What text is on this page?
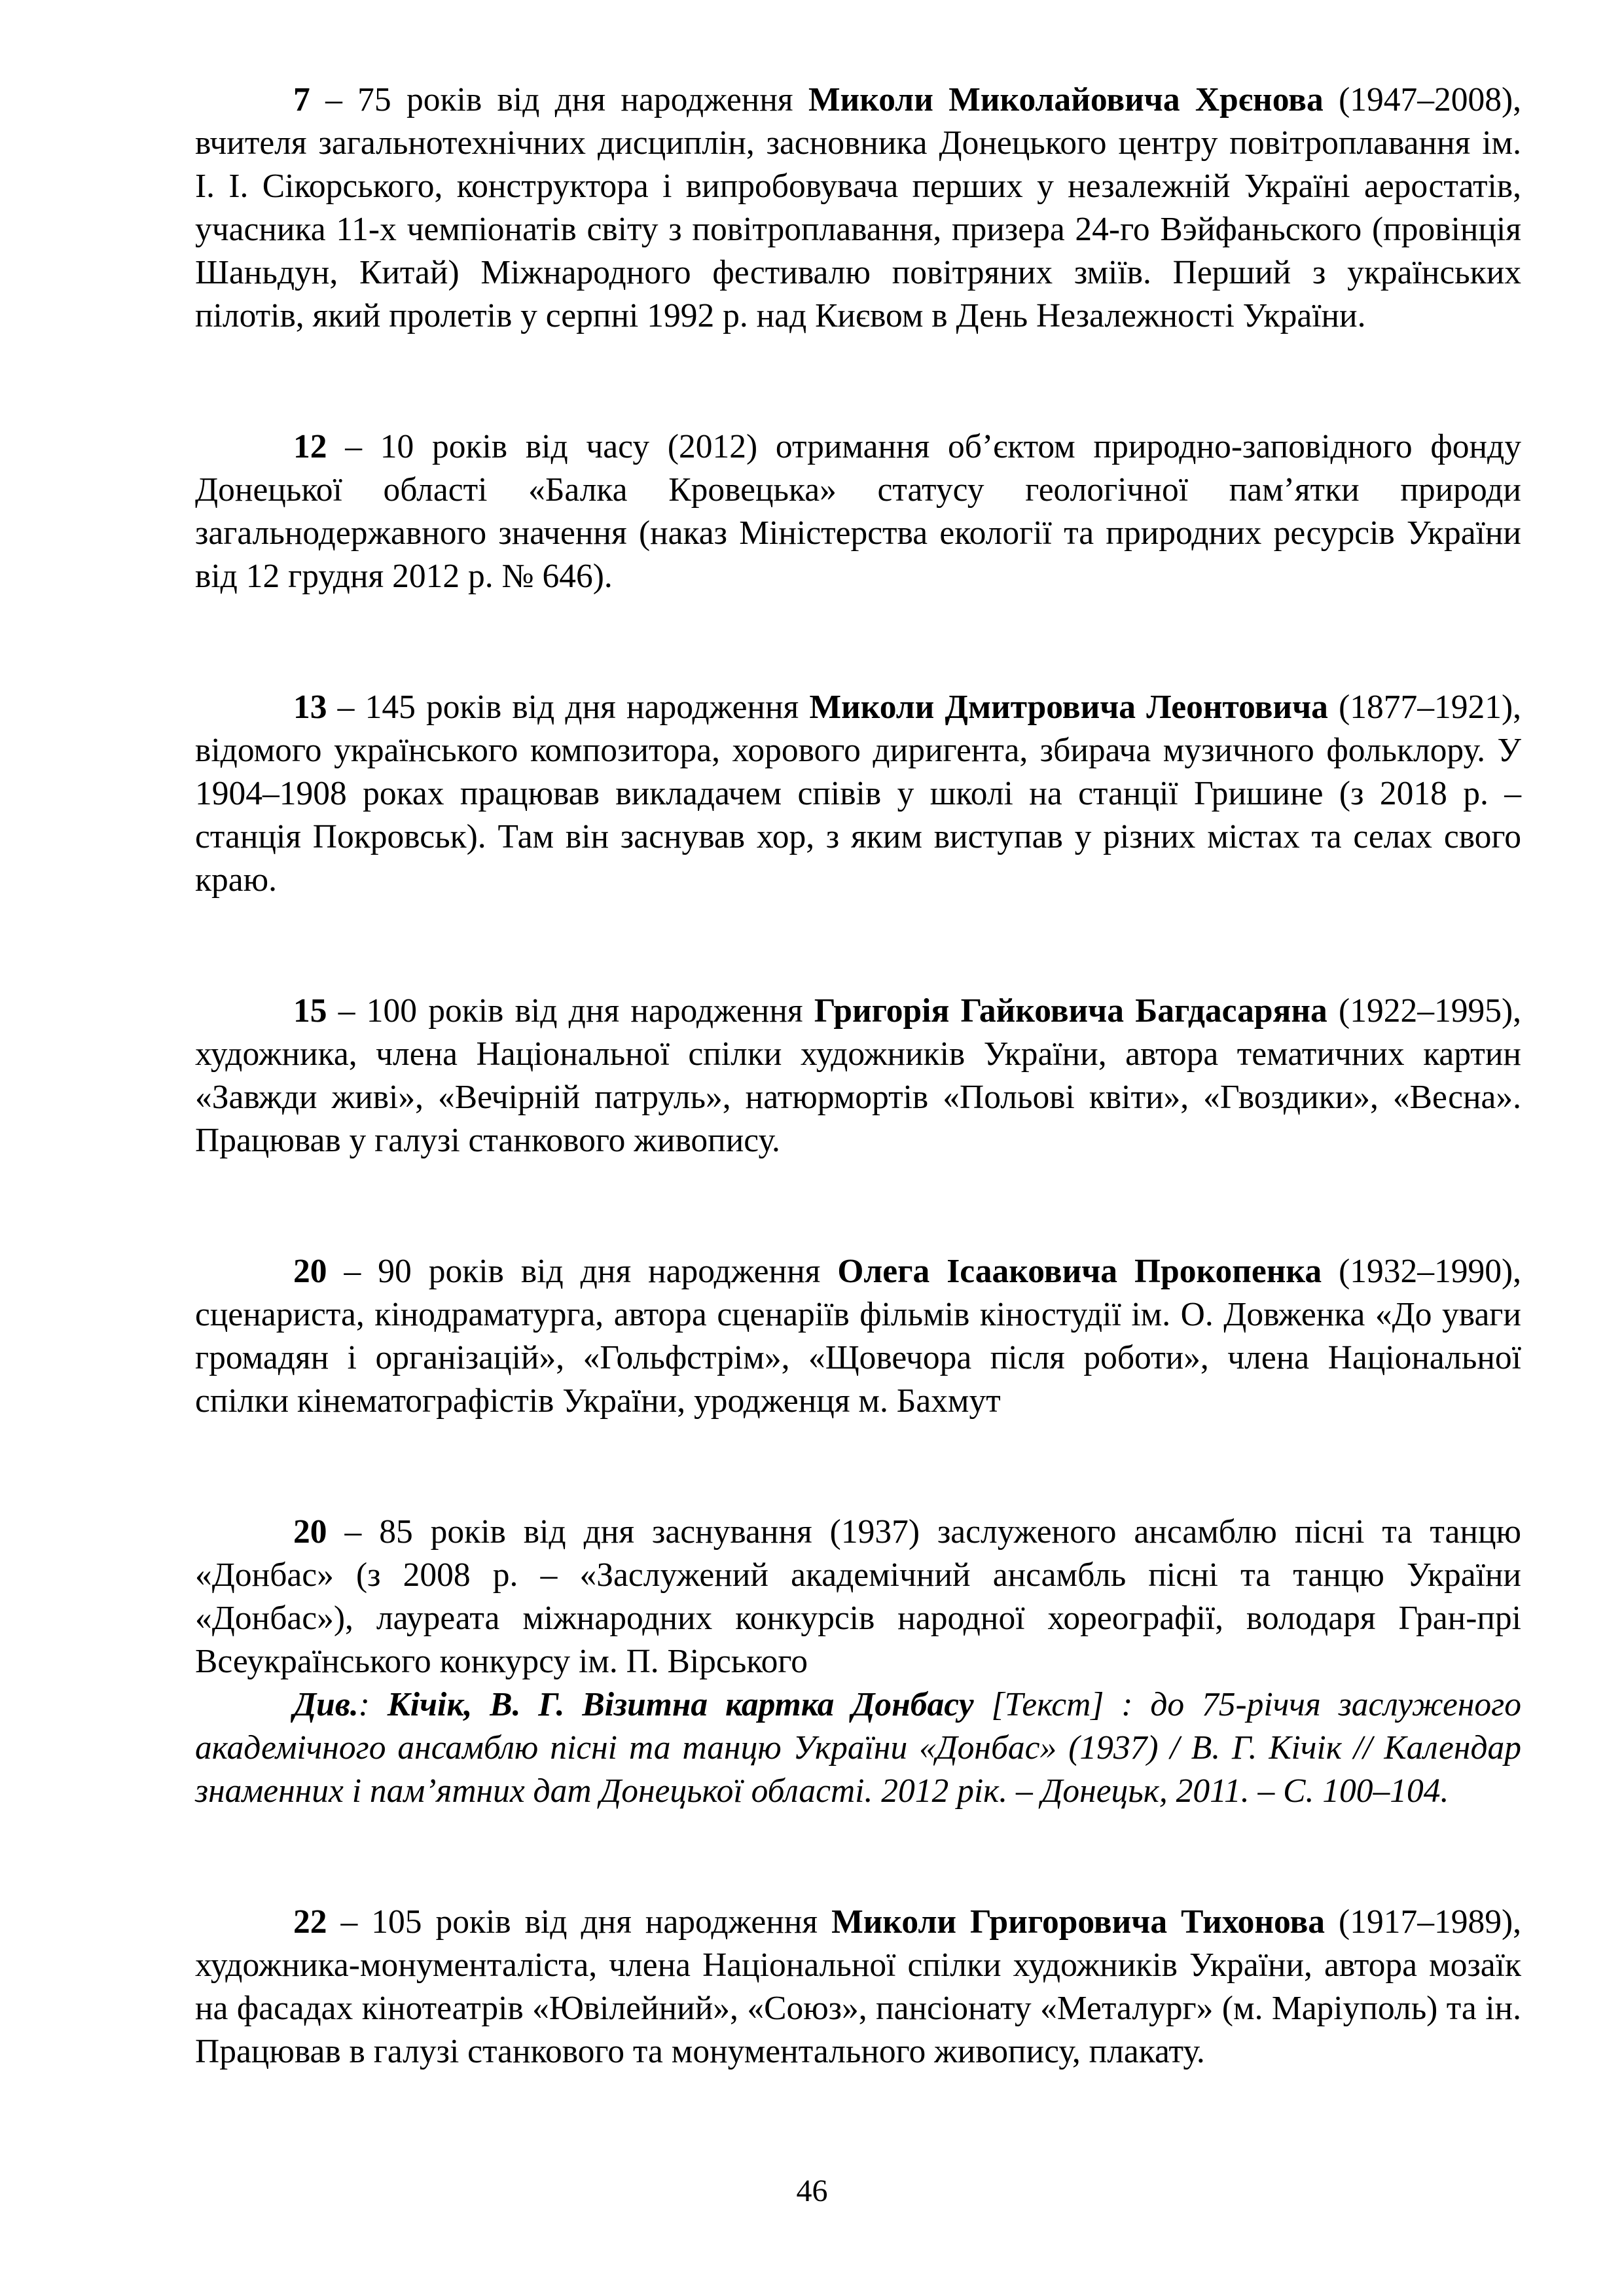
7 – 75 років від дня народження Миколи Миколайовича Хрєнова (1947–2008), вчителя загальнотехнічних дисциплін, засновника Донецького центру повітроплавання ім. І. І. Сікорського, конструктора і випробовувача перших у незалежній Україні аеростатів, учасника 11-х чемпіонатів світу з повітроплавання, призера 24-го Вэйфаньского (провінція Шаньдун, Китай) Міжнародного фестивалю повітряних зміїв. Перший з українських пілотів, який пролетів у серпні 1992 р. над Києвом в День Незалежності України.

12 – 10 років від часу (2012) отримання об’єктом природно-заповідного фонду Донецької області «Балка Кровецька» статусу геологічної пам’ятки природи загальнодержавного значення (наказ Міністерства екології та природних ресурсів України від 12 грудня 2012 р. № 646).

13 – 145 років від дня народження Миколи Дмитровича Леонтовича (1877–1921), відомого українського композитора, хорового диригента, збирача музичного фольклору. У 1904–1908 роках працював викладачем співів у школі на станції Гришине (з 2018 р. – станція Покровськ). Там він заснував хор, з яким виступав у різних містах та селах свого краю.

15 – 100 років від дня народження Григорія Гайковича Багдасаряна (1922–1995), художника, члена Національної спілки художників України, автора тематичних картин «Завжди живі», «Вечірній патруль», натюрмортів «Польові квіти», «Гвоздики», «Весна». Працював у галузі станкового живопису.

20 – 90 років від дня народження Олега Ісааковича Прокопенка (1932–1990), сценариста, кінодраматурга, автора сценаріїв фільмів кіностудії ім. О. Довженка «До уваги громадян і організацій», «Гольфстрім», «Щовечора після роботи», члена Національної спілки кінематографістів України, уродженця м. Бахмут

20 – 85 років від дня заснування (1937) заслуженого ансамблю пісні та танцю «Донбас» (з 2008 р. – «Заслужений академічний ансамбль пісні та танцю України «Донбас»), лауреата міжнародних конкурсів народної хореографії, володаря Гран-прі Всеукраїнського конкурсу ім. П. Вірського

Див.: Кічік, В. Г. Візитна картка Донбасу [Текст] : до 75-річчя заслуженого академічного ансамблю пісні та танцю України «Донбас» (1937) / В. Г. Кічік // Календар знаменних і пам’ятних дат Донецької області. 2012 рік. – Донецьк, 2011. – С. 100–104.

22 – 105 років від дня народження Миколи Григоровича Тихонова (1917–1989), художника-монументаліста, члена Національної спілки художників України, автора мозаїк на фасадах кінотеатрів «Ювілейний», «Союз», пансіонату «Металург» (м. Маріуполь) та ін. Працював в галузі станкового та монументального живопису, плакату.

46
